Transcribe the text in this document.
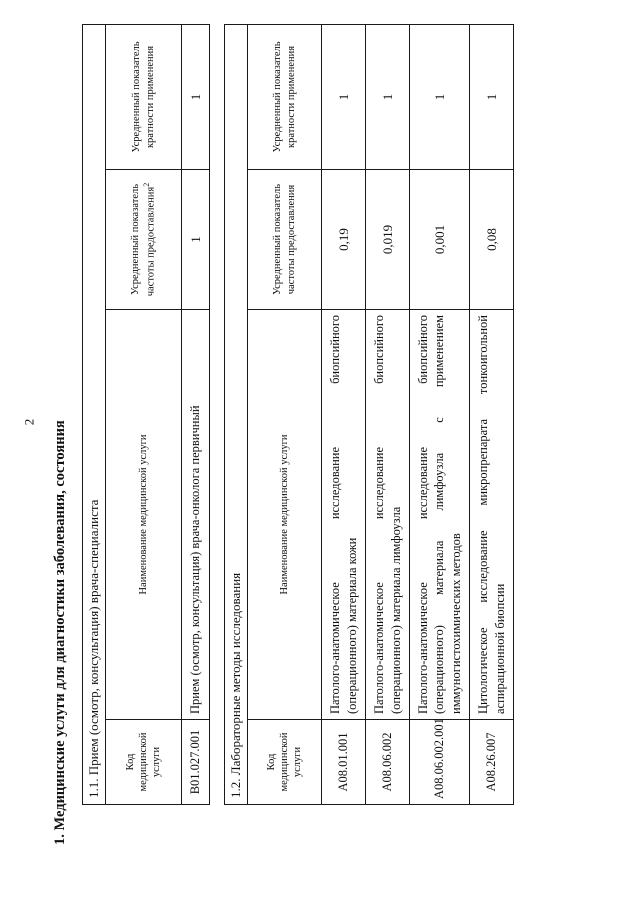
2 1. Медицинские услуги для диагностики заболевания, состояния 1.1. Прием (осмотр, консультация) врача-специалиста			
Код медицинской услуги	Наименование медицинской услуги	Усредненный показатель частоты предоставления$^2$	Усредненный показатель кратности применения
B01.027.001	Прием (осмотр, консультация) врача-онколога первичный	1	1
1.2. Лабораторные методы исследования			
Код медицинской услуги	Наименование медицинской услуги	Усредненный показатель частоты предоставления	Усредненный показатель кратности применения
A08.01.001	Патолого-анатомическое исследование биопсийного (операционного) материала кожи	0,19	1
A08.06.002	Патолого-анатомическое исследование биопсийного (операционного) материала лимфоузла	0,019	1
A08.06.002.001	Патолого-анатомическое исследование биопсийного (операционного) материала лимфоузла с применением иммуногистохимических методов	0,001	1
A08.26.007	Цитологическое исследование микропрепарата тонкоигольной аспирационной биопсии	0,08	1
